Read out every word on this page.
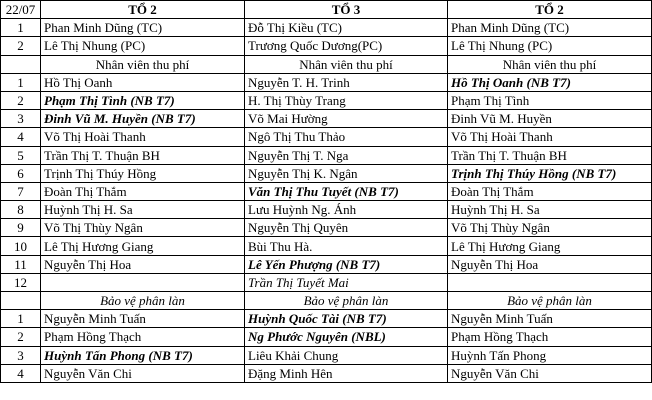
22/07	TỔ 2	TỔ 3	TỔ 2
1	Phan Minh Dũng (TC)	Đỗ Thị Kiều (TC)	Phan Minh Dũng (TC)
2	Lê Thị Nhung (PC)	Trương Quốc Dương(PC)	Lê Thị Nhung (PC)
	Nhân viên thu phí	Nhân viên thu phí	Nhân viên thu phí
1	Hồ Thị Oanh	Nguyễn T. H. Trinh	Hồ Thị Oanh (NB T7)
2	Phạm Thị Tình (NB T7)	H. Thị Thùy Trang	Phạm Thị Tình
3	Đinh Vũ M. Huyền (NB T7)	Võ Mai Hường	Đinh Vũ M. Huyền
4	Võ Thị Hoài Thanh	Ngô Thị Thu Thảo	Võ Thị Hoài Thanh
5	Trần Thị T. Thuận BH	Nguyễn Thị T. Nga	Trần Thị T. Thuận BH
6	Trịnh Thị Thúy Hồng	Nguyễn Thị K. Ngân	Trịnh Thị Thúy Hồng (NB T7)
7	Đoàn Thị Thắm	Văn Thị Thu Tuyết (NB T7)	Đoàn Thị Thắm
8	Huỳnh Thị H. Sa	Lưu Huỳnh Ng. Ánh	Huỳnh Thị H. Sa
9	Võ Thị Thùy Ngân	Nguyễn Thị Quyên	Võ Thị Thùy Ngân
10	Lê Thị Hương Giang	Bùi Thu Hà.	Lê Thị Hương Giang
11	Nguyễn Thị Hoa	Lê Yến Phượng (NB T7)	Nguyễn Thị Hoa
12		Trần Thị Tuyết Mai	
	Bảo vệ phân làn	Bảo vệ phân làn	Bảo vệ phân làn
1	Nguyễn Minh Tuấn	Huỳnh Quốc Tài (NB T7)	Nguyễn Minh Tuấn
2	Phạm Hồng Thạch	Ng Phước Nguyên (NBL)	Phạm Hồng Thạch
3	Huỳnh Tấn Phong (NB T7)	Liêu Khải Chung	Huỳnh Tấn Phong
4	Nguyễn Văn Chi	Đặng Minh Hên	Nguyễn Văn Chi
